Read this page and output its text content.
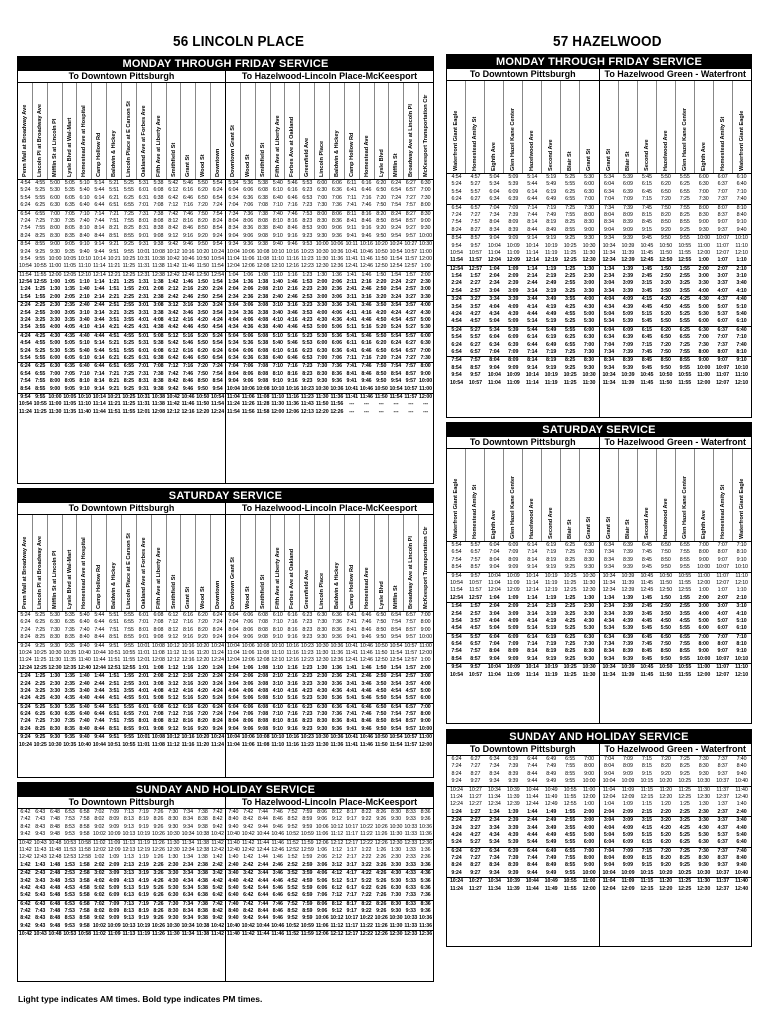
56 LINCOLN PLACE	57 HAZELWOOD
MONDAY THROUGH FRIDAY SERVICE
To Downtown Pittsburgh
Penn Mall at Broadway Ave Lincoln Pl at Broadway Ave Mifflin St at Lincoln Pl Lysle Blvd at Wal-Mart Homestead Ave at Hospital Camp Hollow Rd Baldwin & Hickey Lincoln Place at E Carson St Oakland Ave at Forbes Ave Fifth Ave at Liberty Ave Smithfield St Grant St Wood St Downtown
4:54 4:55 5:00 5:05 5:10 5:14 5:21 5:25 5:31 5:38 5:42 5:46 5:50 5:54
5:24 5:25 5:30 5:35 5:40 5:44 5:51 5:55 6:01 6:08 6:12 6:16 6:20 6:24
5:54 5:55 6:00 6:05 6:10 6:14 6:21 6:25 6:31 6:38 6:42 6:46 6:50 6:54
6:24 6:25 6:30 6:35 6:40 6:44 6:51 6:55 7:01 7:08 7:12 7:16 7:20 7:24
6:54 6:55 7:00 7:05 7:10 7:14 7:21 7:25 7:31 7:38 7:42 7:46 7:50 7:54
7:24 7:25 7:30 7:35 7:40 7:44 7:51 7:55 8:01 8:08 8:12 8:16 8:20 8:24
7:54 7:55 8:00 8:05 8:10 8:14 8:21 8:25 8:31 8:38 8:42 8:46 8:50 8:54
8:24 8:25 8:30 8:35 8:40 8:44 8:51 8:55 9:01 9:08 9:12 9:16 9:20 9:24
8:54 8:55 9:00 9:05 9:10 9:14 9:21 9:25 9:31 9:38 9:42 9:46 9:50 9:54
9:24 9:25 9:30 9:35 9:40 9:44 9:51 9:55 10:01 10:08 10:12 10:16 10:20 10:24
9:54 9:55 10:00 10:05 10:10 10:14 10:21 10:25 10:31 10:38 10:42 10:46 10:50 10:54
10:54 10:55 11:00 11:05 11:10 11:14 11:21 11:25 11:31 11:38 11:42 11:46 11:50 11:54
11:54 11:55 12:00 12:05 12:10 12:14 12:21 12:25 12:31 12:38 12:42 12:46 12:50 12:54
12:54 12:55 1:00 1:05 1:10 1:14 1:21 1:25 1:31 1:38 1:42 1:46 1:50 1:54
1:24 1:25 1:30 1:35 1:40 1:44 1:51 1:55 2:01 2:08 2:12 2:16 2:20 2:24
1:54 1:55 2:00 2:05 2:10 2:14 2:21 2:25 2:31 2:38 2:42 2:46 2:50 2:54
2:24 2:25 2:30 2:35 2:40 2:44 2:51 2:55 3:01 3:08 3:12 3:16 3:20 3:24
2:54 2:55 3:00 3:05 3:10 3:14 3:21 3:25 3:31 3:38 3:42 3:46 3:50 3:54
3:24 3:25 3:30 3:35 3:40 3:44 3:51 3:55 4:01 4:08 4:12 4:16 4:20 4:24
3:54 3:55 4:00 4:05 4:10 4:14 4:21 4:25 4:31 4:38 4:42 4:46 4:50 4:54
4:24 4:25 4:30 4:35 4:40 4:44 4:51 4:55 5:01 5:08 5:12 5:16 5:20 5:24
4:54 4:55 5:00 5:05 5:10 5:14 5:21 5:25 5:31 5:38 5:42 5:46 5:50 5:54
5:24 5:25 5:30 5:35 5:40 5:44 5:51 5:55 6:01 6:08 6:12 6:16 6:20 6:24
5:54 5:55 6:00 6:05 6:10 6:14 6:21 6:25 6:31 6:38 6:42 6:46 6:50 6:54
6:24 6:25 6:30 6:35 6:40 6:44 6:51 6:55 7:01 7:08 7:12 7:16 7:20 7:24
6:54 6:55 7:00 7:05 7:10 7:14 7:21 7:25 7:31 7:38 7:42 7:46 7:50 7:54
7:54 7:55 8:00 8:05 8:10 8:14 8:21 8:25 8:31 8:38 8:42 8:46 8:50 8:54
8:54 8:55 9:00 9:05 9:10 9:14 9:21 9:25 9:31 9:38 9:42 9:46 9:50 9:54
9:54 9:55 10:00 10:05 10:10 10:14 10:21 10:25 10:31 10:38 10:42 10:46 10:50 10:54
10:54 10:55 11:00 11:05 11:10 11:14 11:21 11:25 11:31 11:38 11:42 11:46 11:50 11:54
11:24 11:25 11:30 11:35 11:40 11:44 11:51 11:55 12:01 12:08 12:12 12:16 12:20 12:24
To Hazelwood-Lincoln Place-McKeesport
Downtown Grant St Wood St Smithfield St Fifth Ave at Liberty Ave Forbes Ave at Oakland Greenfield Ave Lincoln Place Baldwin & Hickey Camp Hollow Rd Homestead Ave Lysle Blvd Mifflin St Broadway Ave at Lincoln Pl McKeesport Transportation Ctr
5:34 5:36 5:38 5:40 5:46 5:53 6:00 6:06 6:11 6:16 6:20 6:24 6:27 6:30
6:04 6:06 6:08 6:10 6:16 6:23 6:30 6:36 6:41 6:46 6:50 6:54 6:57 7:00
6:34 6:36 6:38 6:40 6:46 6:53 7:00 7:06 7:11 7:16 7:20 7:24 7:27 7:30
7:04 7:06 7:08 7:10 7:16 7:23 7:30 7:36 7:41 7:46 7:50 7:54 7:57 8:00
7:34 7:36 7:38 7:40 7:46 7:53 8:00 8:06 8:11 8:16 8:20 8:24 8:27 8:30
8:04 8:06 8:08 8:10 8:16 8:23 8:30 8:36 8:41 8:46 8:50 8:54 8:57 9:00
8:34 8:36 8:38 8:40 8:46 8:53 9:00 9:06 9:11 9:16 9:20 9:24 9:27 9:30
9:04 9:06 9:08 9:10 9:16 9:23 9:30 9:36 9:41 9:46 9:50 9:54 9:57 10:00
9:34 9:36 9:38 9:40 9:46 9:53 10:00 10:06 10:11 10:16 10:20 10:24 10:27 10:30
10:04 10:06 10:08 10:10 10:16 10:23 10:30 10:36 10:41 10:46 10:50 10:54 10:57 11:00
11:04 11:06 11:08 11:10 11:16 11:23 11:30 11:36 11:41 11:46 11:50 11:54 11:57 12:00
12:04 12:06 12:08 12:10 12:16 12:23 12:30 12:36 12:41 12:46 12:50 12:54 12:57 1:00
1:04 1:06 1:08 1:10 1:16 1:23 1:30 1:36 1:41 1:46 1:50 1:54 1:57 2:00
1:34 1:36 1:38 1:40 1:46 1:53 2:00 2:06 2:11 2:16 2:20 2:24 2:27 2:30
2:04 2:06 2:08 2:10 2:16 2:23 2:30 2:36 2:41 2:46 2:50 2:54 2:57 3:00
2:34 2:36 2:38 2:40 2:46 2:53 3:00 3:06 3:11 3:16 3:20 3:24 3:27 3:30
3:04 3:06 3:08 3:10 3:16 3:23 3:30 3:36 3:41 3:46 3:50 3:54 3:57 4:00
3:34 3:36 3:38 3:40 3:46 3:53 4:00 4:06 4:11 4:16 4:20 4:24 4:27 4:30
4:04 4:06 4:08 4:10 4:16 4:23 4:30 4:36 4:41 4:46 4:50 4:54 4:57 5:00
4:34 4:36 4:38 4:40 4:46 4:53 5:00 5:06 5:11 5:16 5:20 5:24 5:27 5:30
5:04 5:06 5:08 5:10 5:16 5:23 5:30 5:36 5:41 5:46 5:50 5:54 5:57 6:00
5:34 5:36 5:38 5:40 5:46 5:53 6:00 6:06 6:11 6:16 6:20 6:24 6:27 6:30
6:04 6:06 6:08 6:10 6:16 6:23 6:30 6:36 6:41 6:46 6:50 6:54 6:57 7:00
6:34 6:36 6:38 6:40 6:46 6:53 7:00 7:06 7:11 7:16 7:20 7:24 7:27 7:30
7:04 7:06 7:08 7:10 7:16 7:23 7:30 7:36 7:41 7:46 7:50 7:54 7:57 8:00
8:04 8:06 8:08 8:10 8:16 8:23 8:30 8:36 8:41 8:46 8:50 8:54 8:57 9:00
9:04 9:06 9:08 9:10 9:16 9:23 9:30 9:36 9:41 9:46 9:50 9:54 9:57 10:00
10:04 10:06 10:08 10:10 10:16 10:23 10:30 10:36 10:41 10:46 10:50 10:54 10:57 11:00
11:04 11:06 11:08 11:10 11:16 11:23 11:30 11:36 11:41 11:46 11:50 11:54 11:57 12:00
11:24 11:26 11:28 11:30 11:36 11:43 11:50 11:56	---	---	---	---	---	---
11:54 11:56 11:58 12:00 12:06 12:13 12:20 12:26	---	---	---	---	---	---
SATURDAY SERVICE
To Downtown Pittsburgh
Penn Mall at Broadway Ave Lincoln Pl at Broadway Ave Mifflin St at Lincoln Pl Lysle Blvd at Wal-Mart Homestead Ave at Hospital Camp Hollow Rd Baldwin & Hickey Lincoln Place at E Carson St Oakland Ave at Forbes Ave Fifth Ave at Liberty Ave Smithfield St Grant St Wood St Downtown
5:24 5:25 5:30 5:35 5:40 5:44 5:51 5:55 6:01 6:08 6:12 6:16 6:20 6:24
6:24 6:25 6:30 6:35 6:40 6:44 6:51 6:55 7:01 7:08 7:12 7:16 7:20 7:24
7:24 7:25 7:30 7:35 7:40 7:44 7:51 7:55 8:01 8:08 8:12 8:16 8:20 8:24
8:24 8:25 8:30 8:35 8:40 8:44 8:51 8:55 9:01 9:08 9:12 9:16 9:20 9:24
9:24 9:25 9:30 9:35 9:40 9:44 9:51 9:55 10:01 10:08 10:12 10:16 10:20 10:24
10:24 10:25 10:30 10:35 10:40 10:44 10:51 10:55 11:01 11:08 11:12 11:16 11:20 11:24
11:24 11:25 11:30 11:35 11:40 11:44 11:51 11:55 12:01 12:08 12:12 12:16 12:20 12:24
12:24 12:25 12:30 12:35 12:40 12:44 12:51 12:55 1:01 1:08 1:12 1:16 1:20 1:24
1:24 1:25 1:30 1:35 1:40 1:44 1:51 1:55 2:01 2:08 2:12 2:16 2:20 2:24
2:24 2:25 2:30 2:35 2:40 2:44 2:51 2:55 3:01 3:08 3:12 3:16 3:20 3:24
3:24 3:25 3:30 3:35 3:40 3:44 3:51 3:55 4:01 4:08 4:12 4:16 4:20 4:24
4:24 4:25 4:30 4:35 4:40 4:44 4:51 4:55 5:01 5:08 5:12 5:16 5:20 5:24
5:24 5:25 5:30 5:35 5:40 5:44 5:51 5:55 6:01 6:08 6:12 6:16 6:20 6:24
6:24 6:25 6:30 6:35 6:40 6:44 6:51 6:55 7:01 7:08 7:12 7:16 7:20 7:24
7:24 7:25 7:30 7:35 7:40 7:44 7:51 7:55 8:01 8:08 8:12 8:16 8:20 8:24
8:24 8:25 8:30 8:35 8:40 8:44 8:51 8:55 9:01 9:08 9:12 9:16 9:20 9:24
9:24 9:25 9:30 9:35 9:40 9:44 9:51 9:55 10:01 10:08 10:12 10:16 10:20 10:24
10:24 10:25 10:30 10:35 10:40 10:44 10:51 10:55 11:01 11:08 11:12 11:16 11:20 11:24
To Hazelwood-Lincoln Place-McKeesport
Downtown Grant St Wood St Smithfield St Fifth Ave at Liberty Ave Forbes Ave at Oakland Greenfield Ave Lincoln Place Baldwin & Hickey Camp Hollow Rd Homestead Ave Lysle Blvd Mifflin St Broadway Ave at Lincoln Pl McKeesport Transportation Ctr
6:04 6:06 6:08 6:10 6:16 6:23 6:30 6:36 6:41 6:46 6:50 6:54 6:57 7:00
7:04 7:06 7:08 7:10 7:16 7:23 7:30 7:36 7:41 7:46 7:50 7:54 7:57 8:00
8:04 8:06 8:08 8:10 8:16 8:23 8:30 8:36 8:41 8:46 8:50 8:54 8:57 9:00
9:04 9:06 9:08 9:10 9:16 9:23 9:30 9:36 9:41 9:46 9:50 9:54 9:57 10:00
10:04 10:06 10:08 10:10 10:16 10:23 10:30 10:36 10:41 10:46 10:50 10:54 10:57 11:00
11:04 11:06 11:08 11:10 11:16 11:23 11:30 11:36 11:41 11:46 11:50 11:54 11:57 12:00
12:04 12:06 12:08 12:10 12:16 12:23 12:30 12:36 12:41 12:46 12:50 12:54 12:57 1:00
1:04 1:06 1:08 1:10 1:16 1:23 1:30 1:36 1:41 1:46 1:50 1:54 1:57 2:00
2:04 2:06 2:08 2:10 2:16 2:23 2:30 2:36 2:41 2:46 2:50 2:54 2:57 3:00
3:04 3:06 3:08 3:10 3:16 3:23 3:30 3:36 3:41 3:46 3:50 3:54 3:57 4:00
4:04 4:06 4:08 4:10 4:16 4:23 4:30 4:36 4:41 4:46 4:50 4:54 4:57 5:00
5:04 5:06 5:08 5:10 5:16 5:23 5:30 5:36 5:41 5:46 5:50 5:54 5:57 6:00
6:04 6:06 6:08 6:10 6:16 6:23 6:30 6:36 6:41 6:46 6:50 6:54 6:57 7:00
7:04 7:06 7:08 7:10 7:16 7:23 7:30 7:36 7:41 7:46 7:50 7:54 7:57 8:00
8:04 8:06 8:08 8:10 8:16 8:23 8:30 8:36 8:41 8:46 8:50 8:54 8:57 9:00
9:04 9:06 9:08 9:10 9:16 9:23 9:30 9:36 9:41 9:46 9:50 9:54 9:57 10:00
10:04 10:06 10:08 10:10 10:16 10:23 10:30 10:36 10:41 10:46 10:50 10:54 10:57 11:00
11:04 11:06 11:08 11:10 11:16 11:23 11:30 11:36 11:41 11:46 11:50 11:54 11:57 12:00
SUNDAY AND HOLIDAY SERVICE
To Downtown Pittsburgh
6:42 6:43 6:48 6:53 6:58 7:02 7:09 7:13 7:19 7:26 7:30 7:34 7:38 7:42
7:42 7:43 7:48 7:53 7:58 8:02 8:09 8:13 8:19 8:26 8:30 8:34 8:38 8:42
8:42 8:43 8:48 8:53 8:58 9:02 9:09 9:13 9:19 9:26 9:30 9:34 9:38 9:42
9:42 9:43 9:48 9:53 9:58 10:02 10:09 10:13 10:19 10:26 10:30 10:34 10:38 10:42
10:42 10:43 10:48 10:53 10:58 11:02 11:09 11:13 11:19 11:26 11:30 11:34 11:38 11:42
11:42 11:43 11:48 11:53 11:58 12:02 12:09 12:13 12:19 12:26 12:30 12:34 12:38 12:42
12:42 12:43 12:48 12:53 12:58 1:02 1:09 1:13 1:19 1:26 1:30 1:34 1:38 1:42
1:42 1:43 1:48 1:53 1:58 2:02 2:09 2:13 2:19 2:26 2:30 2:34 2:38 2:42
2:42 2:43 2:48 2:53 2:58 3:02 3:09 3:13 3:19 3:26 3:30 3:34 3:38 3:42
3:42 3:43 3:48 3:53 3:58 4:02 4:09 4:13 4:19 4:26 4:30 4:34 4:38 4:42
4:42 4:43 4:48 4:53 4:58 5:02 5:09 5:13 5:19 5:26 5:30 5:34 5:38 5:42
5:42 5:43 5:48 5:53 5:58 6:02 6:09 6:13 6:19 6:26 6:30 6:34 6:38 6:42
6:42 6:43 6:48 6:53 6:58 7:02 7:09 7:13 7:19 7:26 7:30 7:34 7:38 7:42
7:42 7:43 7:48 7:53 7:58 8:02 8:09 8:13 8:19 8:26 8:30 8:34 8:38 8:42
8:42 8:43 8:48 8:53 8:58 9:02 9:09 9:13 9:19 9:26 9:30 9:34 9:38 9:42
9:42 9:43 9:48 9:53 9:58 10:02 10:09 10:13 10:19 10:26 10:30 10:34 10:38 10:42
10:42 10:43 10:48 10:53 10:58 11:02 11:09 11:13 11:19 11:26 11:30 11:34 11:38 11:42
To Hazelwood-Lincoln Place-McKeesport
7:40 7:42 7:44 7:46 7:52 7:59 8:06 8:12 8:17 8:22 8:26 8:30 8:33 8:36
8:40 8:42 8:44 8:46 8:52 8:59 9:06 9:12 9:17 9:22 9:26 9:30 9:33 9:36
9:40 9:42 9:44 9:46 9:52 9:59 10:06 10:12 10:17 10:22 10:26 10:30 10:33 10:36
10:40 10:42 10:44 10:46 10:52 10:59 11:06 11:12 11:17 11:22 11:26 11:30 11:33 11:36
11:40 11:42 11:44 11:46 11:52 11:59 12:06 12:12 12:17 12:22 12:26 12:30 12:33 12:36
12:40 12:42 12:44 12:46 12:52 12:59 1:06 1:12 1:17 1:22 1:26 1:30 1:33 1:36
1:40 1:42 1:44 1:46 1:52 1:59 2:06 2:12 2:17 2:22 2:26 2:30 2:33 2:36
2:40 2:42 2:44 2:46 2:52 2:59 3:06 3:12 3:17 3:22 3:26 3:30 3:33 3:36
3:40 3:42 3:44 3:46 3:52 3:59 4:06 4:12 4:17 4:22 4:26 4:30 4:33 4:36
4:40 4:42 4:44 4:46 4:52 4:59 5:06 5:12 5:17 5:22 5:26 5:30 5:33 5:36
5:40 5:42 5:44 5:46 5:52 5:59 6:06 6:12 6:17 6:22 6:26 6:30 6:33 6:36
6:40 6:42 6:44 6:46 6:52 6:59 7:06 7:12 7:17 7:22 7:26 7:30 7:33 7:36
7:40 7:42 7:44 7:46 7:52 7:59 8:06 8:12 8:17 8:22 8:26 8:30 8:33 8:36
8:40 8:42 8:44 8:46 8:52 8:59 9:06 9:12 9:17 9:22 9:26 9:30 9:33 9:36
9:40 9:42 9:44 9:46 9:52 9:59 10:06 10:12 10:17 10:22 10:26 10:30 10:33 10:36
10:40 10:42 10:44 10:46 10:52 10:59 11:06 11:12 11:17 11:22 11:26 11:30 11:33 11:36
11:40 11:42 11:44 11:46 11:52 11:59 12:06 12:12 12:17 12:22 12:26 12:30 12:33 12:36
MONDAY THROUGH FRIDAY SERVICE
To Downtown Pittsburgh
Waterfront Giant Eagle Homestead Amity St Eighth Ave Glen Hazel Kane Center Hazelwood Ave Second Ave Blair St Grant St
4:54	4:57	5:04	5:09	5:14	5:19	5:25	5:30
5:24	5:27	5:34	5:39	5:44	5:49	5:55	6:00
5:54	5:57	6:04	6:09	6:14	6:19	6:25	6:30
6:24	6:27	6:34	6:39	6:44	6:49	6:55	7:00
6:54	6:57	7:04	7:09	7:14	7:19	7:25	7:30
7:24	7:27	7:34	7:39	7:44	7:49	7:55	8:00
7:54	7:57	8:04	8:09	8:14	8:19	8:25	8:30
8:24	8:27	8:34	8:39	8:44	8:49	8:55	9:00
8:54	8:57	9:04	9:09	9:14	9:19	9:25	9:30
9:54	9:57	10:04	10:09	10:14	10:19	10:25	10:30
10:54	10:57	11:04	11:09	11:14	11:19	11:25	11:30
11:54	11:57	12:04	12:09	12:14	12:19	12:25	12:30
12:54	12:57	1:04	1:09	1:14	1:19	1:25	1:30
1:54	1:57	2:04	2:09	2:14	2:19	2:25	2:30
2:24	2:27	2:34	2:39	2:44	2:49	2:55	3:00
2:54	2:57	3:04	3:09	3:14	3:19	3:25	3:30
3:24	3:27	3:34	3:39	3:44	3:49	3:55	4:00
3:54	3:57	4:04	4:09	4:14	4:19	4:25	4:30
4:24	4:27	4:34	4:39	4:44	4:49	4:55	5:00
4:54	4:57	5:04	5:09	5:14	5:19	5:25	5:30
5:24	5:27	5:34	5:39	5:44	5:49	5:55	6:00
5:54	5:57	6:04	6:09	6:14	6:19	6:25	6:30
6:24	6:27	6:34	6:39	6:44	6:49	6:55	7:00
6:54	6:57	7:04	7:09	7:14	7:19	7:25	7:30
7:54	7:57	8:04	8:09	8:14	8:19	8:25	8:30
8:54	8:57	9:04	9:09	9:14	9:19	9:25	9:30
9:54	9:57	10:04	10:09	10:14	10:19	10:25	10:30
10:54	10:57	11:04	11:09	11:14	11:19	11:25	11:30
To Hazelwood Green - Waterfront
Grant St Blair St Second Ave Hazelwood Ave Glen Hazel Kane Center Eighth Ave Homestead Amity St Waterfront Giant Eagle
5:34	5:39	5:45	5:50	5:55	6:00	6:07	6:10
6:04	6:09	6:15	6:20	6:25	6:30	6:37	6:40
6:34	6:39	6:45	6:50	6:55	7:00	7:07	7:10
7:04	7:09	7:15	7:20	7:25	7:30	7:37	7:40
7:34	7:39	7:45	7:50	7:55	8:00	8:07	8:10
8:04	8:09	8:15	8:20	8:25	8:30	8:37	8:40
8:34	8:39	8:45	8:50	8:55	9:00	9:07	9:10
9:04	9:09	9:15	9:20	9:25	9:30	9:37	9:40
9:34	9:39	9:45	9:50	9:55	10:00	10:07	10:10
10:34	10:39	10:45	10:50	10:55	11:00	11:07	11:10
11:34	11:39	11:45	11:50	11:55	12:00	12:07	12:10
12:34	12:39	12:45	12:50	12:55	1:00	1:07	1:10
1:34	1:39	1:45	1:50	1:55	2:00	2:07	2:10
2:34	2:39	2:45	2:50	2:55	3:00	3:07	3:10
3:04	3:09	3:15	3:20	3:25	3:30	3:37	3:40
3:34	3:39	3:45	3:50	3:55	4:00	4:07	4:10
4:04	4:09	4:15	4:20	4:25	4:30	4:37	4:40
4:34	4:39	4:45	4:50	4:55	5:00	5:07	5:10
5:04	5:09	5:15	5:20	5:25	5:30	5:37	5:40
5:34	5:39	5:45	5:50	5:55	6:00	6:07	6:10
6:04	6:09	6:15	6:20	6:25	6:30	6:37	6:40
6:34	6:39	6:45	6:50	6:55	7:00	7:07	7:10
7:04	7:09	7:15	7:20	7:25	7:30	7:37	7:40
7:34	7:39	7:45	7:50	7:55	8:00	8:07	8:10
8:34	8:39	8:45	8:50	8:55	9:00	9:07	9:10
9:34	9:39	9:45	9:50	9:55	10:00	10:07	10:10
10:34	10:39	10:45	10:50	10:55	11:00	11:07	11:10
11:34	11:39	11:45	11:50	11:55	12:00	12:07	12:10
SATURDAY SERVICE
To Downtown Pittsburgh
Waterfront Giant Eagle Homestead Amity St Eighth Ave Glen Hazel Kane Center Hazelwood Ave Second Ave Blair St Grant St
5:54	5:57	6:04	6:09	6:14	6:19	6:25	6:30
6:54	6:57	7:04	7:09	7:14	7:19	7:25	7:30
7:54	7:57	8:04	8:09	8:14	8:19	8:25	8:30
8:54	8:57	9:04	9:09	9:14	9:19	9:25	9:30
9:54	9:57	10:04	10:09	10:14	10:19	10:25	10:30
10:54	10:57	11:04	11:09	11:14	11:19	11:25	11:30
11:54	11:57	12:04	12:09	12:14	12:19	12:25	12:30
12:54	12:57	1:04	1:09	1:14	1:19	1:25	1:30
1:54	1:57	2:04	2:09	2:14	2:19	2:25	2:30
2:54	2:57	3:04	3:09	3:14	3:19	3:25	3:30
3:54	3:57	4:04	4:09	4:14	4:19	4:25	4:30
4:54	4:57	5:04	5:09	5:14	5:19	5:25	5:30
5:54	5:57	6:04	6:09	6:14	6:19	6:25	6:30
6:54	6:57	7:04	7:09	7:14	7:19	7:25	7:30
7:54	7:57	8:04	8:09	8:14	8:19	8:25	8:30
8:54	8:57	9:04	9:09	9:14	9:19	9:25	9:30
9:54	9:57	10:04	10:09	10:14	10:19	10:25	10:30
10:54	10:57	11:04	11:09	11:14	11:19	11:25	11:30
To Hazelwood Green - Waterfront
Grant St Blair St Second Ave Hazelwood Ave Glen Hazel Kane Center Eighth Ave Homestead Amity St Waterfront Giant Eagle
6:34	6:39	6:45	6:50	6:55	7:00	7:07	7:10
7:34	7:39	7:45	7:50	7:55	8:00	8:07	8:10
8:34	8:39	8:45	8:50	8:55	9:00	9:07	9:10
9:34	9:39	9:45	9:50	9:55	10:00	10:07	10:10
10:34	10:39	10:45	10:50	10:55	11:00	11:07	11:10
11:34	11:39	11:45	11:50	11:55	12:00	12:07	12:10
12:34	12:39	12:45	12:50	12:55	1:00	1:07	1:10
1:34	1:39	1:45	1:50	1:55	2:00	2:07	2:10
2:34	2:39	2:45	2:50	2:55	3:00	3:07	3:10
3:34	3:39	3:45	3:50	3:55	4:00	4:07	4:10
4:34	4:39	4:45	4:50	4:55	5:00	5:07	5:10
5:34	5:39	5:45	5:50	5:55	6:00	6:07	6:10
6:34	6:39	6:45	6:50	6:55	7:00	7:07	7:10
7:34	7:39	7:45	7:50	7:55	8:00	8:07	8:10
8:34	8:39	8:45	8:50	8:55	9:00	9:07	9:10
9:34	9:39	9:45	9:50	9:55	10:00	10:07	10:10
10:34	10:39	10:45	10:50	10:55	11:00	11:07	11:10
11:34	11:39	11:45	11:50	11:55	12:00	12:07	12:10
SUNDAY AND HOLIDAY SERVICE
To Downtown Pittsburgh
6:24	6:27	6:34	6:39	6:44	6:49	6:55	7:00
7:24	7:27	7:34	7:39	7:44	7:49	7:55	8:00
8:24	8:27	8:34	8:39	8:44	8:49	8:55	9:00
9:24	9:27	9:34	9:39	9:44	9:49	9:55	10:00
10:24	10:27	10:34	10:39	10:44	10:49	10:55	11:00
11:24	11:27	11:34	11:39	11:44	11:49	11:55	12:00
12:24	12:27	12:34	12:39	12:44	12:49	12:55	1:00
1:24	1:27	1:34	1:39	1:44	1:49	1:55	2:00
2:24	2:27	2:34	2:39	2:44	2:49	2:55	3:00
3:24	3:27	3:34	3:39	3:44	3:49	3:55	4:00
4:24	4:27	4:34	4:39	4:44	4:49	4:55	5:00
5:24	5:27	5:34	5:39	5:44	5:49	5:55	6:00
6:24	6:27	6:34	6:39	6:44	6:49	6:55	7:00
7:24	7:27	7:34	7:39	7:44	7:49	7:55	8:00
8:24	8:27	8:34	8:39	8:44	8:49	8:55	9:00
9:24	9:27	9:34	9:39	9:44	9:49	9:55	10:00
10:24	10:27	10:34	10:39	10:44	10:49	10:55	11:00
11:24	11:27	11:34	11:39	11:44	11:49	11:55	12:00
To Hazelwood Green - Waterfront
7:04	7:09	7:15	7:20	7:25	7:30	7:37	7:40
8:04	8:09	8:15	8:20	8:25	8:30	8:37	8:40
9:04	9:09	9:15	9:20	9:25	9:30	9:37	9:40
10:04	10:09	10:15	10:20	10:25	10:30	10:37	10:40
11:04	11:09	11:15	11:20	11:25	11:30	11:37	11:40
12:04	12:09	12:15	12:20	12:25	12:30	12:37	12:40
1:04	1:09	1:15	1:20	1:25	1:30	1:37	1:40
2:04	2:09	2:15	2:20	2:25	2:30	2:37	2:40
3:04	3:09	3:15	3:20	3:25	3:30	3:37	3:40
4:04	4:09	4:15	4:20	4:25	4:30	4:37	4:40
5:04	5:09	5:15	5:20	5:25	5:30	5:37	5:40
6:04	6:09	6:15	6:20	6:25	6:30	6:37	6:40
7:04	7:09	7:15	7:20	7:25	7:30	7:37	7:40
8:04	8:09	8:15	8:20	8:25	8:30	8:37	8:40
9:04	9:09	9:15	9:20	9:25	9:30	9:37	9:40
10:04	10:09	10:15	10:20	10:25	10:30	10:37	10:40
11:04	11:09	11:15	11:20	11:25	11:30	11:37	11:40
12:04	12:09	12:15	12:20	12:25	12:30	12:37	12:40
Light type indicates AM times. Bold type indicates PM times.
